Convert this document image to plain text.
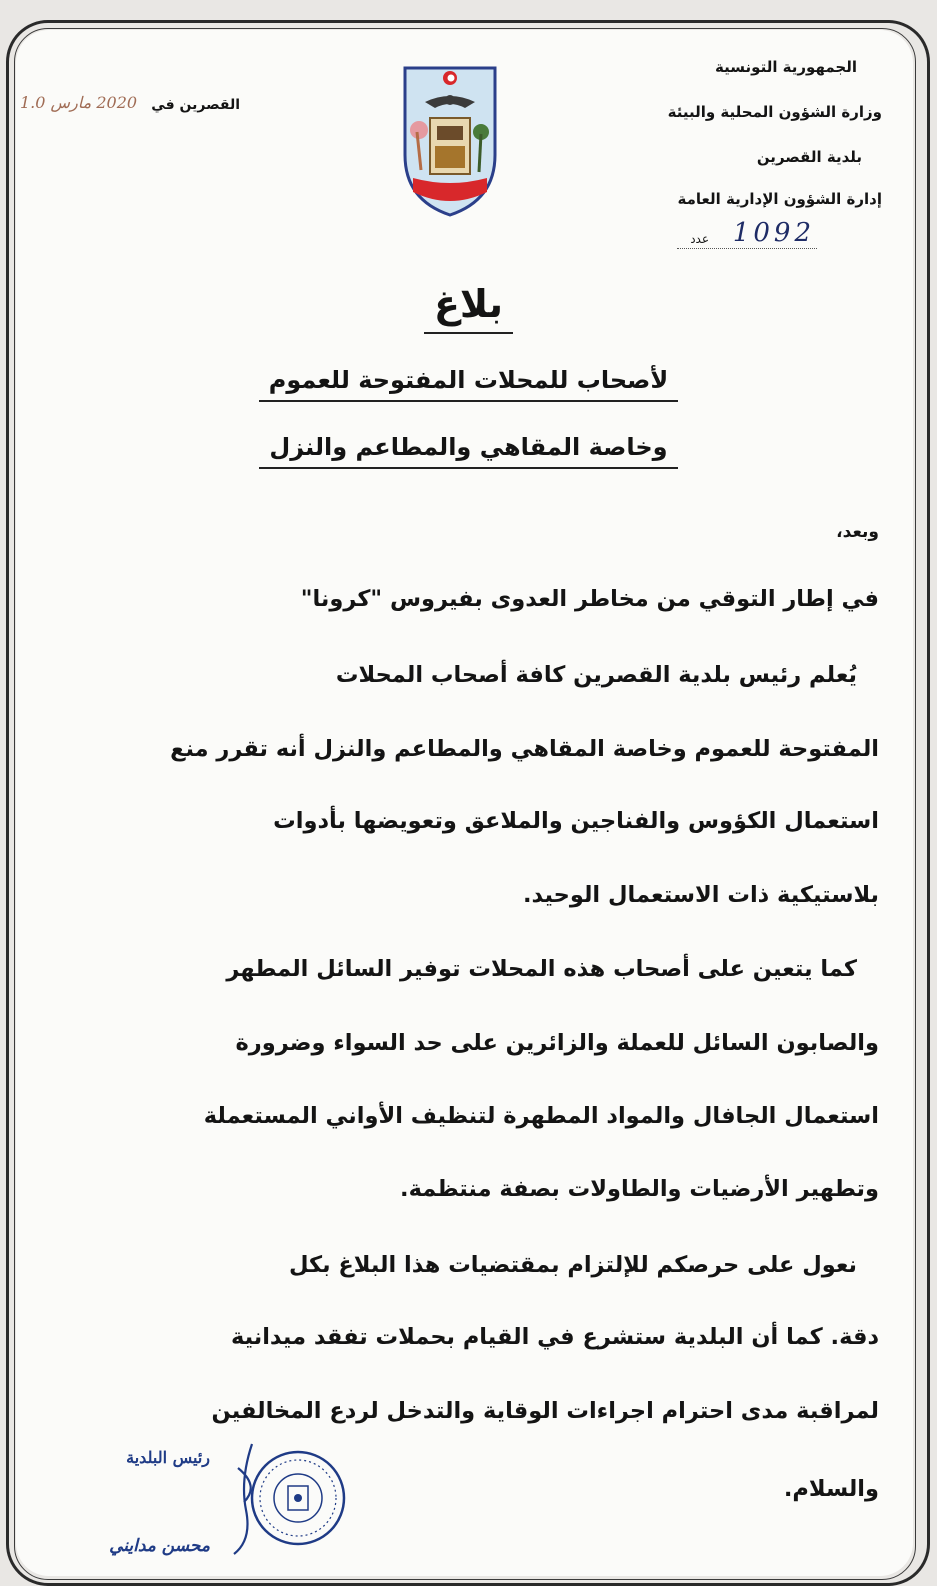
الجمهورية التونسية
وزارة الشؤون المحلية والبيئة
بلدية القصرين
إدارة الشؤون الإدارية العامة
1092
عدد
القصرين في
2020 مارس 1.0
بلاغ
لأصحاب للمحلات المفتوحة للعموم
وخاصة المقاهي والمطاعم والنزل
وبعد،
في إطار التوقي من مخاطر العدوى بفيروس "كرونا"
يُعلم رئيس بلدية القصرين كافة أصحاب المحلات
المفتوحة للعموم وخاصة المقاهي والمطاعم والنزل أنه تقرر منع
استعمال الكؤوس والفناجين والملاعق وتعويضها بأدوات
بلاستيكية ذات الاستعمال الوحيد.
كما يتعين على أصحاب هذه المحلات توفير السائل المطهر
والصابون السائل للعملة والزائرين على حد السواء وضرورة
استعمال الجافال والمواد المطهرة لتنظيف الأواني المستعملة
وتطهير الأرضيات والطاولات بصفة منتظمة.
نعول على حرصكم للإلتزام بمقتضيات هذا البلاغ بكل
دقة. كما أن البلدية ستشرع في القيام بحملات تفقد ميدانية
لمراقبة مدى احترام اجراءات الوقاية والتدخل لردع المخالفين
والسلام.
رئيس البلدية
محسن مدايني
